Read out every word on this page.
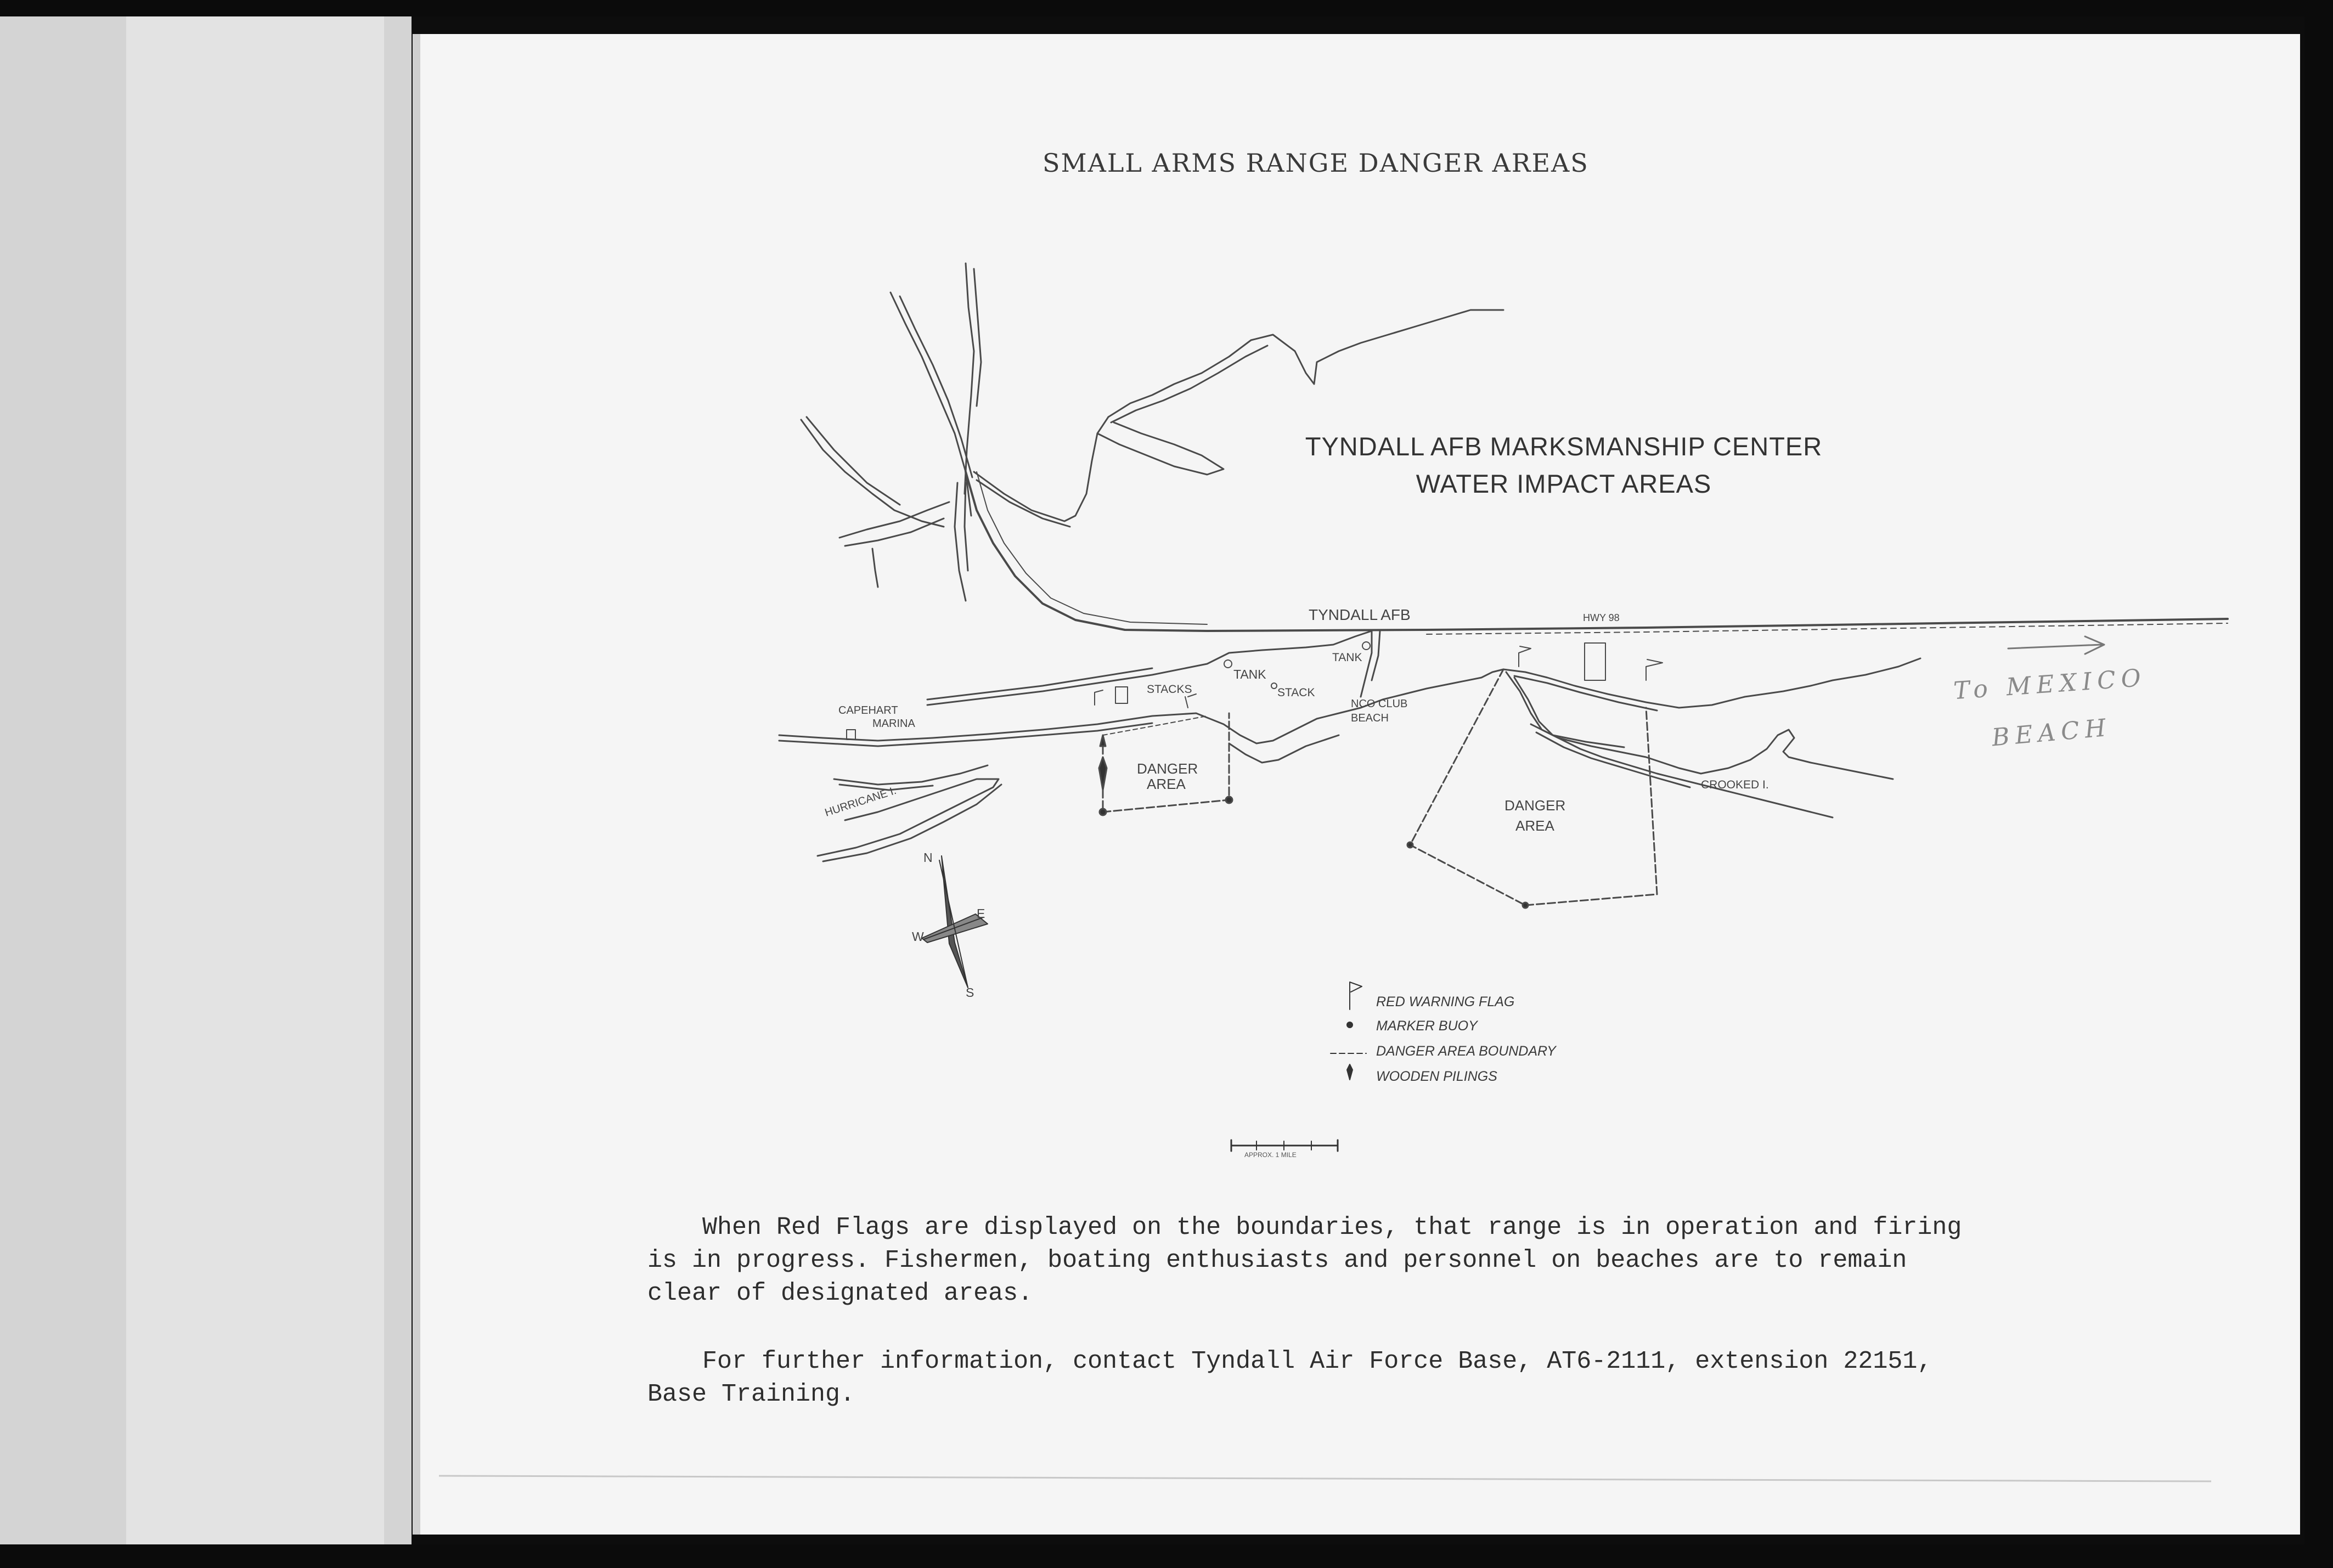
SMALL ARMS RANGE DANGER AREAS
TYNDALL AFB MARKSMANSHIP CENTER
WATER IMPACT AREAS
TYNDALL AFB	HWY 98
TANK
TANK
STACKS	STACK
NCO CLUB
BEACH
CAPEHART
MARINA
HURRICANE I.	CROOKED I.
DANGER
AREA
DANGER
AREA
To MEXICO
BEACH
N
S
E
W
RED WARNING FLAG
MARKER BUOY
DANGER AREA BOUNDARY
WOODEN PILINGS
APPROX. 1 MILE
When Red Flags are displayed on the boundaries, that range is in operation and firing
is in progress. Fishermen, boating enthusiasts and personnel on beaches are to remain
clear of designated areas.
For further information, contact Tyndall Air Force Base, AT6-2111, extension 22151,
Base Training.
